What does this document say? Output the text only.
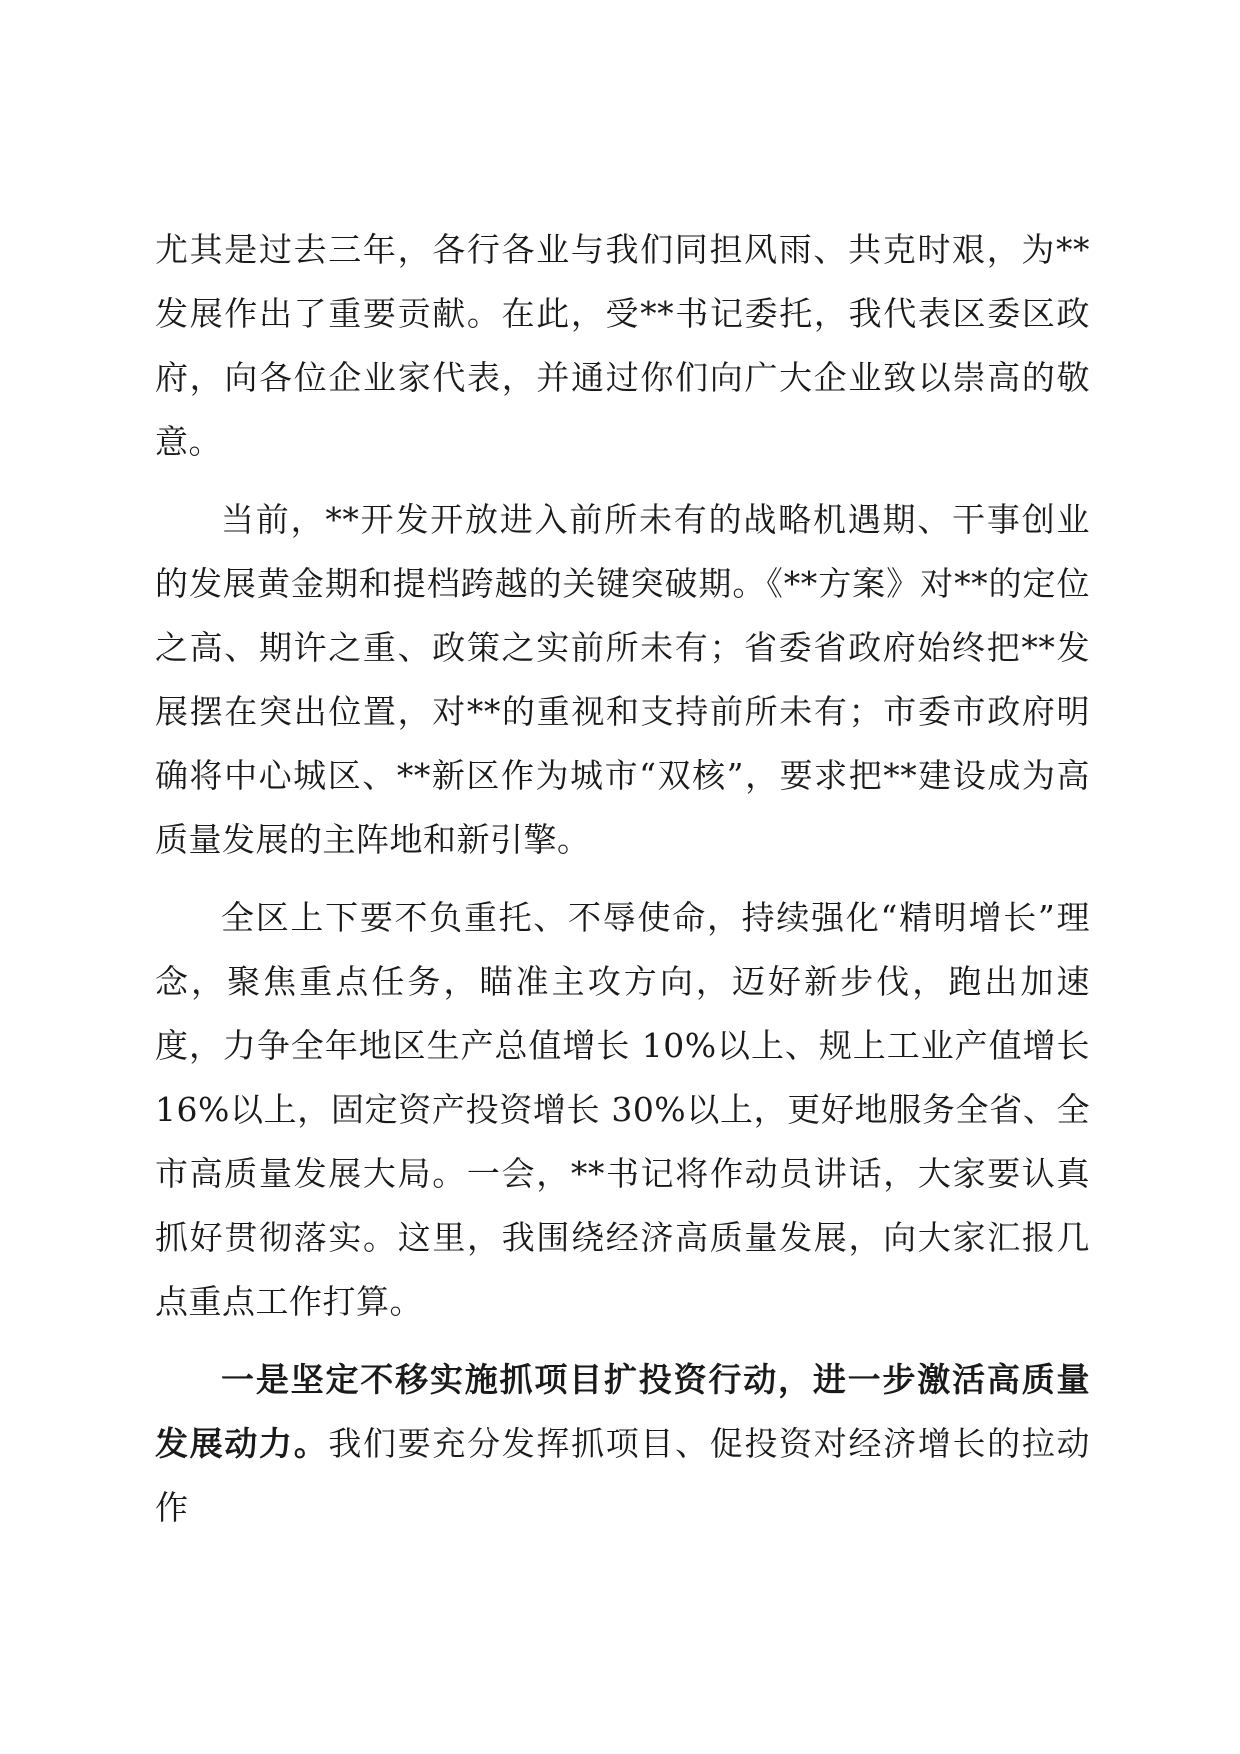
尤其是过去三年，各行各业与我们同担风雨、共克时艰，为**发展作出了重要贡献。在此，受**书记委托，我代表区委区政府，向各位企业家代表，并通过你们向广大企业致以崇高的敬意。

当前，**开发开放进入前所未有的战略机遇期、干事创业的发展黄金期和提档跨越的关键突破期。《**方案》对**的定位之高、期许之重、政策之实前所未有；省委省政府始终把**发展摆在突出位置，对**的重视和支持前所未有；市委市政府明确将中心城区、**新区作为城市“双核”，要求把**建设成为高质量发展的主阵地和新引擎。

全区上下要不负重托、不辱使命，持续强化“精明增长”理念，聚焦重点任务，瞄准主攻方向，迈好新步伐，跑出加速度，力争全年地区生产总值增长 10%以上、规上工业产值增长 16%以上，固定资产投资增长 30%以上，更好地服务全省、全市高质量发展大局。一会，**书记将作动员讲话，大家要认真抓好贯彻落实。这里，我围绕经济高质量发展，向大家汇报几点重点工作打算。

一是坚定不移实施抓项目扩投资行动，进一步激活高质量发展动力。我们要充分发挥抓项目、促投资对经济增长的拉动作
